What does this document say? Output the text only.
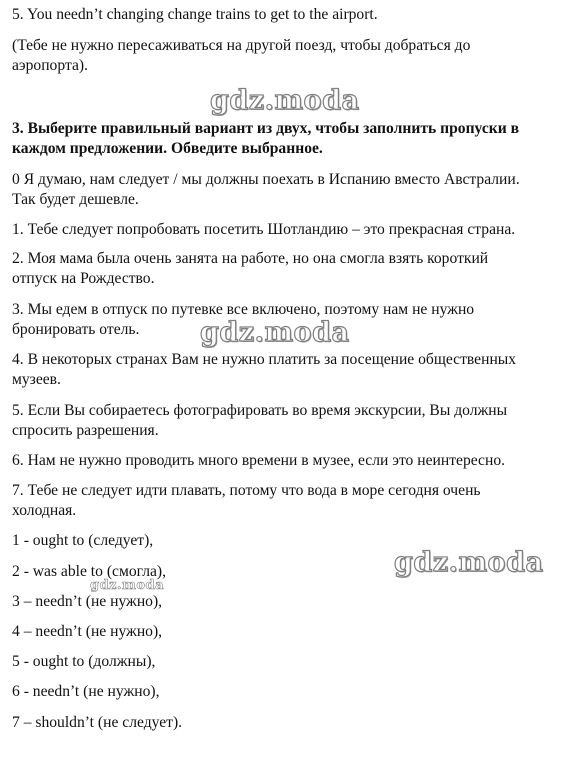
5. You needn’t changing change trains to get to the airport.
(Тебе не нужно пересаживаться на другой поезд, чтобы добраться до
аэропорта).
3. Выберите правильный вариант из двух, чтобы заполнить пропуски в
каждом предложении. Обведите выбранное.
0 Я думаю, нам следует / мы должны поехать в Испанию вместо Австралии.
Так будет дешевле.
1. Тебе следует попробовать посетить Шотландию – это прекрасная страна.
2. Моя мама была очень занята на работе, но она смогла взять короткий
отпуск на Рождество.
3. Мы едем в отпуск по путевке все включено, поэтому нам не нужно
бронировать отель.
4. В некоторых странах Вам не нужно платить за посещение общественных
музеев.
5. Если Вы собираетесь фотографировать во время экскурсии, Вы должны
спросить разрешения.
6. Нам не нужно проводить много времени в музее, если это неинтересно.
7. Тебе не следует идти плавать, потому что вода в море сегодня очень
холодная.
1 - ought to (следует),
2 - was able to (смогла),
3 – needn’t (не нужно),
4 – needn’t (не нужно),
5 - ought to (должны),
6 - needn’t (не нужно),
7 – shouldn’t (не следует).
gdz.moda
gdz.moda
gdz.moda
gdz.moda
